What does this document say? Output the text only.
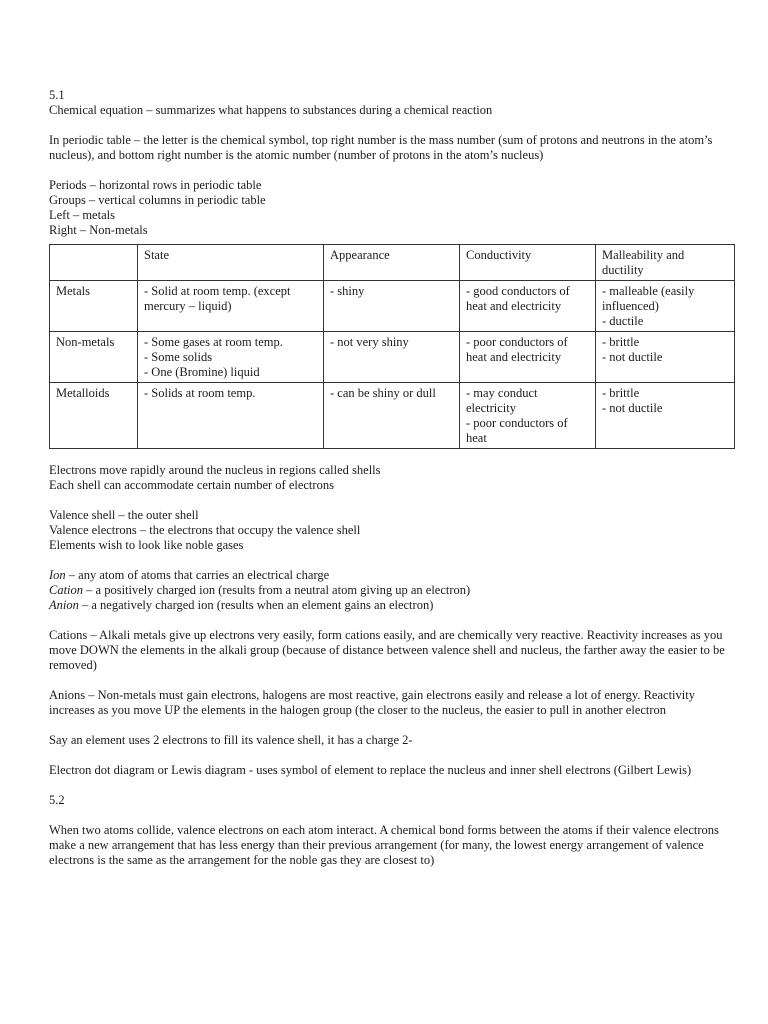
5.1

Chemical equation – summarizes what happens to substances during a chemical reaction

In periodic table – the letter is the chemical symbol, top right number is the mass number (sum of protons and neutrons in the atom’s nucleus), and bottom right number is the atomic number (number of protons in the atom’s nucleus)

Periods – horizontal rows in periodic table

Groups – vertical columns in periodic table

Left – metals

Right – Non-metals

	State	Appearance	Conductivity	Malleability and ductility
Metals	- Solid at room temp. (except mercury – liquid)	- shiny	- good conductors of heat and electricity	- malleable (easily influenced)
- ductile

Non-metals	- Some gases at room temp.
- Some solids
- One (Bromine) liquid	- not very shiny	- poor conductors of heat and electricity	- brittle
- not ductile

Metalloids	- Solids at room temp.	- can be shiny or dull	- may conduct electricity
- poor conductors of heat	- brittle
- not ductile

Electrons move rapidly around the nucleus in regions called shells

Each shell can accommodate certain number of electrons

Valence shell – the outer shell

Valence electrons – the electrons that occupy the valence shell

Elements wish to look like noble gases

Ion – any atom of atoms that carries an electrical charge

Cation – a positively charged ion (results from a neutral atom giving up an electron)

Anion – a negatively charged ion (results when an element gains an electron)

Cations – Alkali metals give up electrons very easily, form cations easily, and are chemically very reactive. Reactivity increases as you move DOWN the elements in the alkali group (because of distance between valence shell and nucleus, the farther away the easier to be removed)

Anions – Non-metals must gain electrons, halogens are most reactive, gain electrons easily and release a lot of energy. Reactivity increases as you move UP the elements in the halogen group (the closer to the nucleus, the easier to pull in another electron

Say an element uses 2 electrons to fill its valence shell, it has a charge 2-

Electron dot diagram or Lewis diagram - uses symbol of element to replace the nucleus and inner shell electrons (Gilbert Lewis)

5.2

When two atoms collide, valence electrons on each atom interact. A chemical bond forms between the atoms if their valence electrons make a new arrangement that has less energy than their previous arrangement (for many, the lowest energy arrangement of valence electrons is the same as the arrangement for the noble gas they are closest to)
